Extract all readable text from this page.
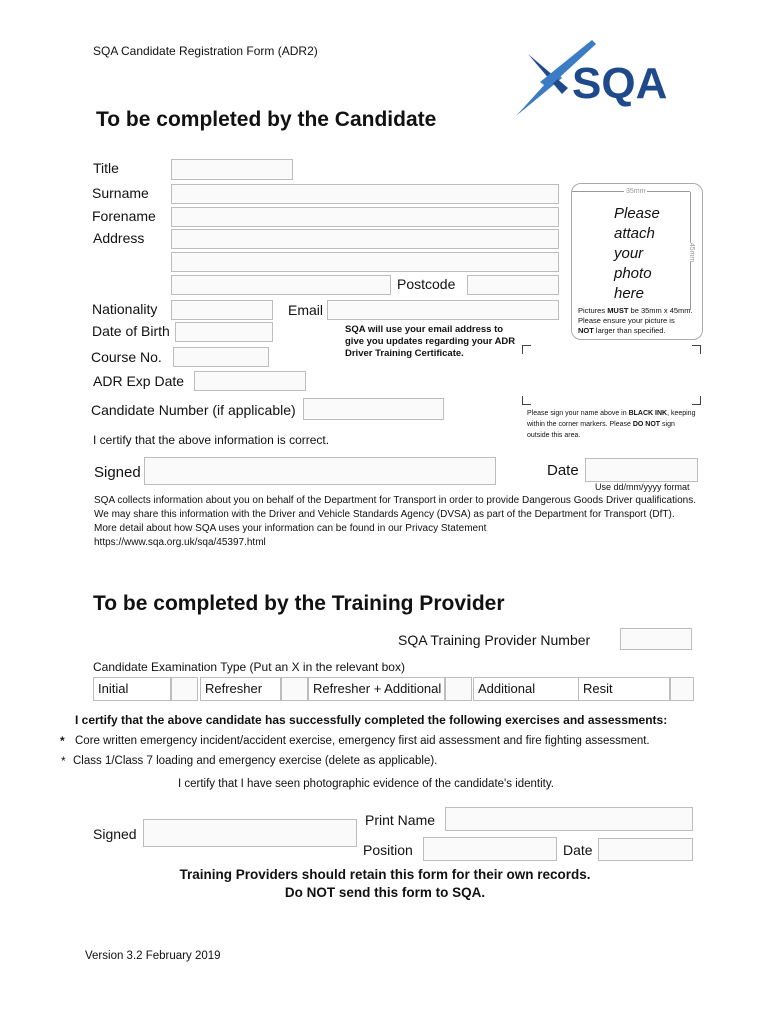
SQA Candidate Registration Form (ADR2)
SQA
To be completed by the Candidate
Title
Surname
Forename
Address
Postcode
Nationality	Email
Date of Birth	SQA will use your email address to give you updates regarding your ADR Driver Training Certificate.
Course No.
ADR Exp Date
Candidate Number (if applicable)
I certify that the above information is correct.
Signed	Date
Use dd/mm/yyyy format
35mm
45mm
Please
attach
your
photo
here
Pictures MUST be 35mm x 45mm.
Please ensure your picture is
NOT larger than specified.
Please sign your name above in BLACK INK, keeping within the corner markers. Please DO NOT sign outside this area.
SQA collects information about you on behalf of the Department for Transport in order to provide Dangerous Goods Driver qualifications.
We may share this information with the Driver and Vehicle Standards Agency (DVSA) as part of the Department for Transport (DfT).
More detail about how SQA uses your information can be found in our Privacy Statement
https://www.sqa.org.uk/sqa/45397.html
To be completed by the Training Provider
SQA Training Provider Number
Candidate Examination Type (Put an X in the relevant box)
Initial	Refresher	Refresher + Additional	Additional	Resit
I certify that the above candidate has successfully completed the following exercises and assessments:
* Core written emergency incident/accident exercise, emergency first aid assessment and fire fighting assessment.
* Class 1/Class 7 loading and emergency exercise (delete as applicable).
I certify that I have seen photographic evidence of the candidate's identity.
Print Name
Signed
Position	Date
Training Providers should retain this form for their own records.
Do NOT send this form to SQA.
Version 3.2 February 2019
